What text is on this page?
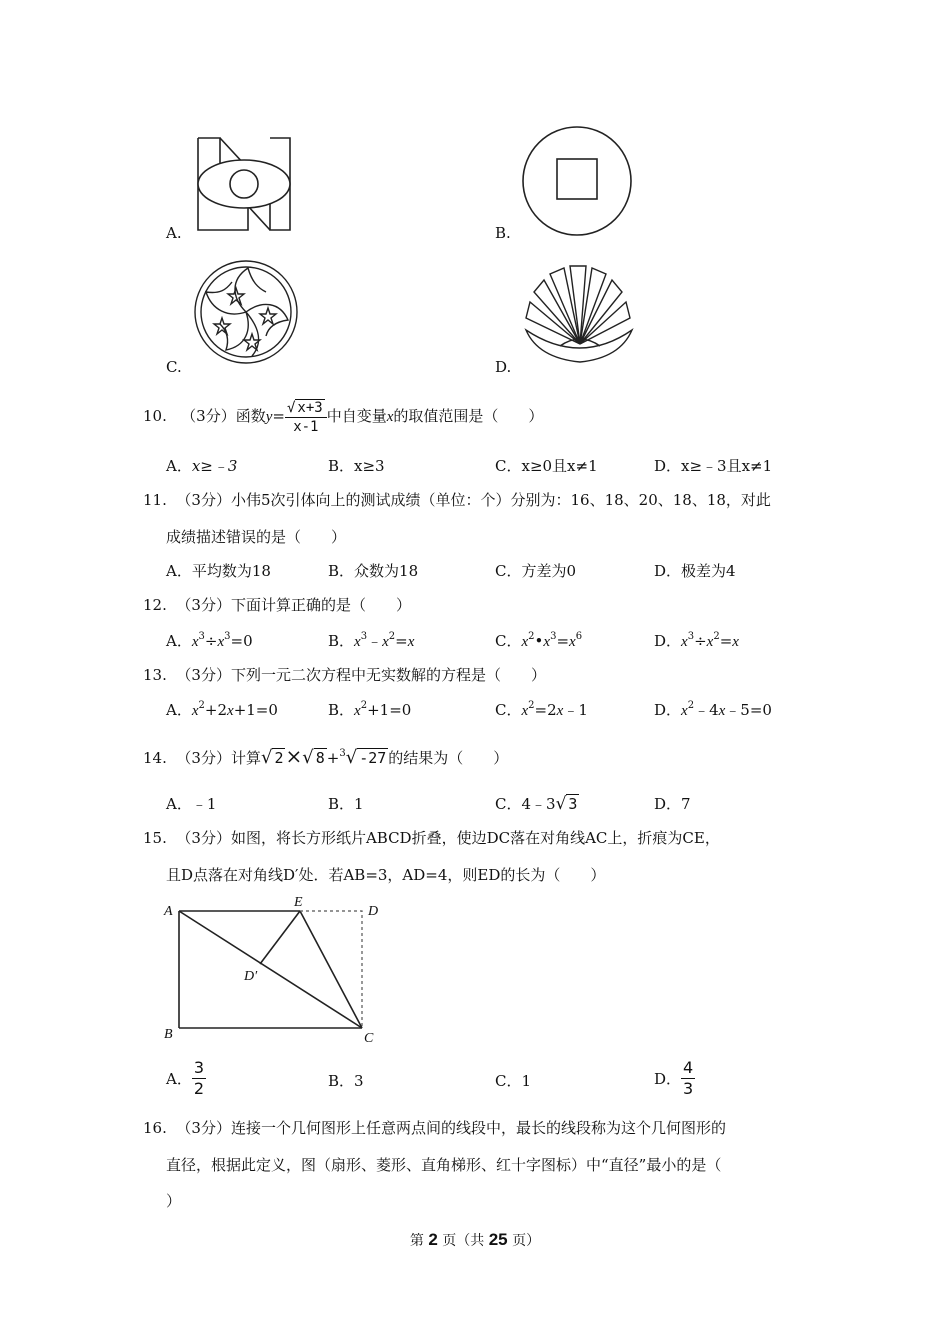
A.	B.
C.	D.
10. （3分）函数$y= \frac{√ x+3}{x-1}$ 中自变量x的取值范围是（　　）
A．x≥﹣3	B．x≥3	C．x≥0且x≠1	D．x≥﹣3且x≠1
11. （3分）小伟5次引体向上的测试成绩（单位：个）分别为：16、18、20、18、18，对此
成绩描述错误的是（　　）
A．平均数为18	B．众数为18	C．方差为0	D．极差为4
12. （3分）下面计算正确的是（　　）
A．$x^3\div x^3=0$	B．$x^3﹣x^2=x$	C．$x^2•x^3=x^6$	D．$x^3\div x^2=x$
13. （3分）下列一元二次方程中无实数解的方程是（　　）
A．$x^2+2x+1=0$	B．$x^2+1=0$	C．$x^2=2x﹣1$	D．$x^2﹣4x﹣5=0$
14. （3分）计算√ 2 ×√ 8 +$^3$√ -27 的结果为（　　）
A．﹣1	B．1	C．4﹣3√ 3	D．7
15. （3分）如图，将长方形纸片ABCD折叠，使边DC落在对角线AC上，折痕为CE，
且D点落在对角线D′处．若AB=3，AD=4，则ED的长为（　　）
A
E
D
D′
B	C
A． $\frac{3}{2}$	B．3	C．1	D． $\frac{4}{3}$
16. （3分）连接一个几何图形上任意两点间的线段中，最长的线段称为这个几何图形的
直径，根据此定义，图（扇形、菱形、直角梯形、红十字图标）中“直径”最小的是（
）
第 2 页（共 25 页）
